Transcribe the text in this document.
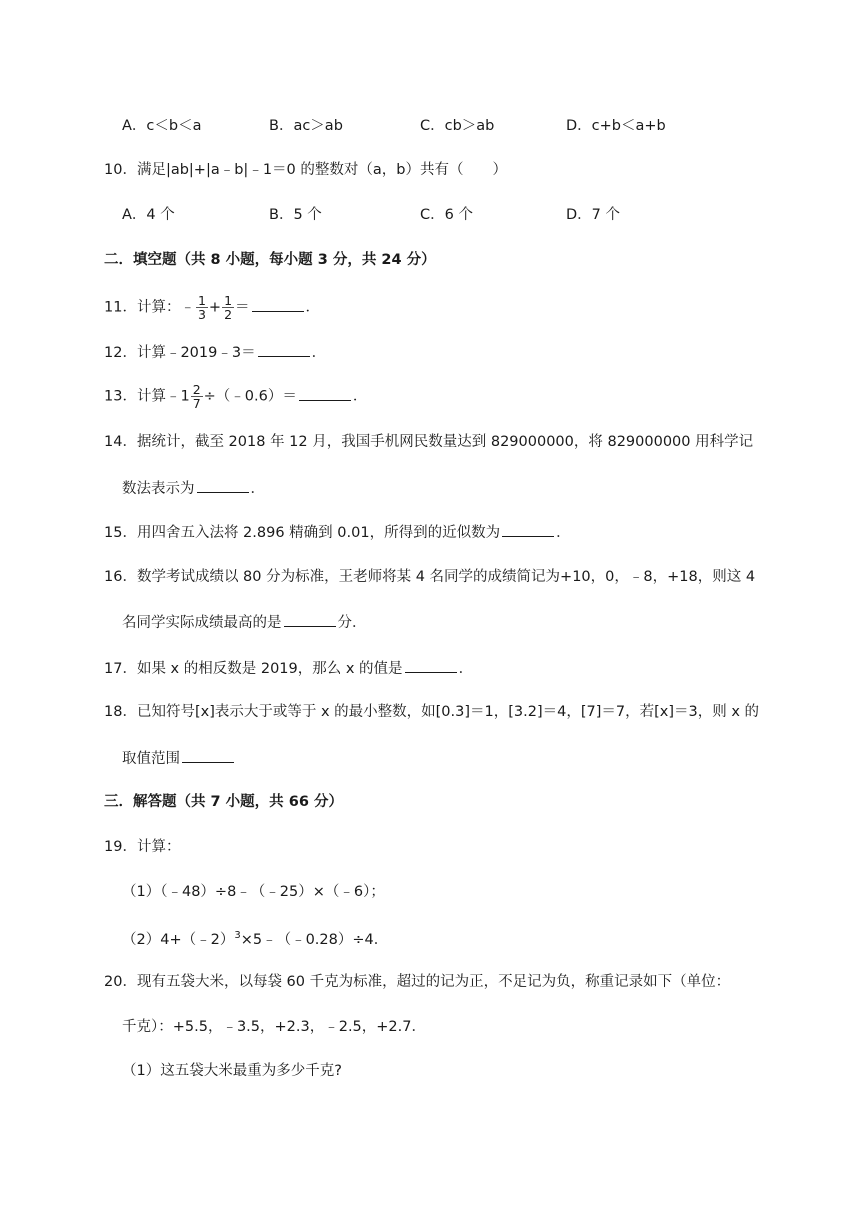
A．c＜b＜a	B．ac＞ab	C．cb＞ab	D．c+b＜a+b
10．满足|ab|+|a﹣b|﹣1＝0 的整数对（a，b）共有（　　）
A．4 个	B．5 个	C．6 个	D．7 个
二．填空题（共 8 小题，每小题 3 分，共 24 分）
11．计算：﹣ $\frac{1}{3} + \frac{1}{2}$ ＝	．
12．计算﹣2019﹣3＝	．
13．计算﹣1 $\frac{2}{7}$ ÷（﹣0.6）＝	．
14．据统计，截至 2018 年 12 月，我国手机网民数量达到 829000000，将 829000000 用科学记
数法表示为	．
15．用四舍五入法将 2.896 精确到 0.01，所得到的近似数为	．
16．数学考试成绩以 80 分为标准，王老师将某 4 名同学的成绩简记为+10，0，﹣8，+18，则这 4
名同学实际成绩最高的是	分．
17．如果 x 的相反数是 2019，那么 x 的值是	．
18．已知符号[x]表示大于或等于 x 的最小整数，如[0.3]＝1，[3.2]＝4，[7]＝7，若[x]＝3，则 x 的
取值范围
三．解答题（共 7 小题，共 66 分）
19．计算：
（1）（﹣48）÷8﹣（﹣25）×（﹣6）；
（2）4+（﹣2）$^3$×5﹣（﹣0.28）÷4．
20．现有五袋大米，以每袋 60 千克为标准，超过的记为正，不足记为负，称重记录如下（单位：
千克）：+5.5，﹣3.5，+2.3，﹣2.5，+2.7．
（1）这五袋大米最重为多少千克?
